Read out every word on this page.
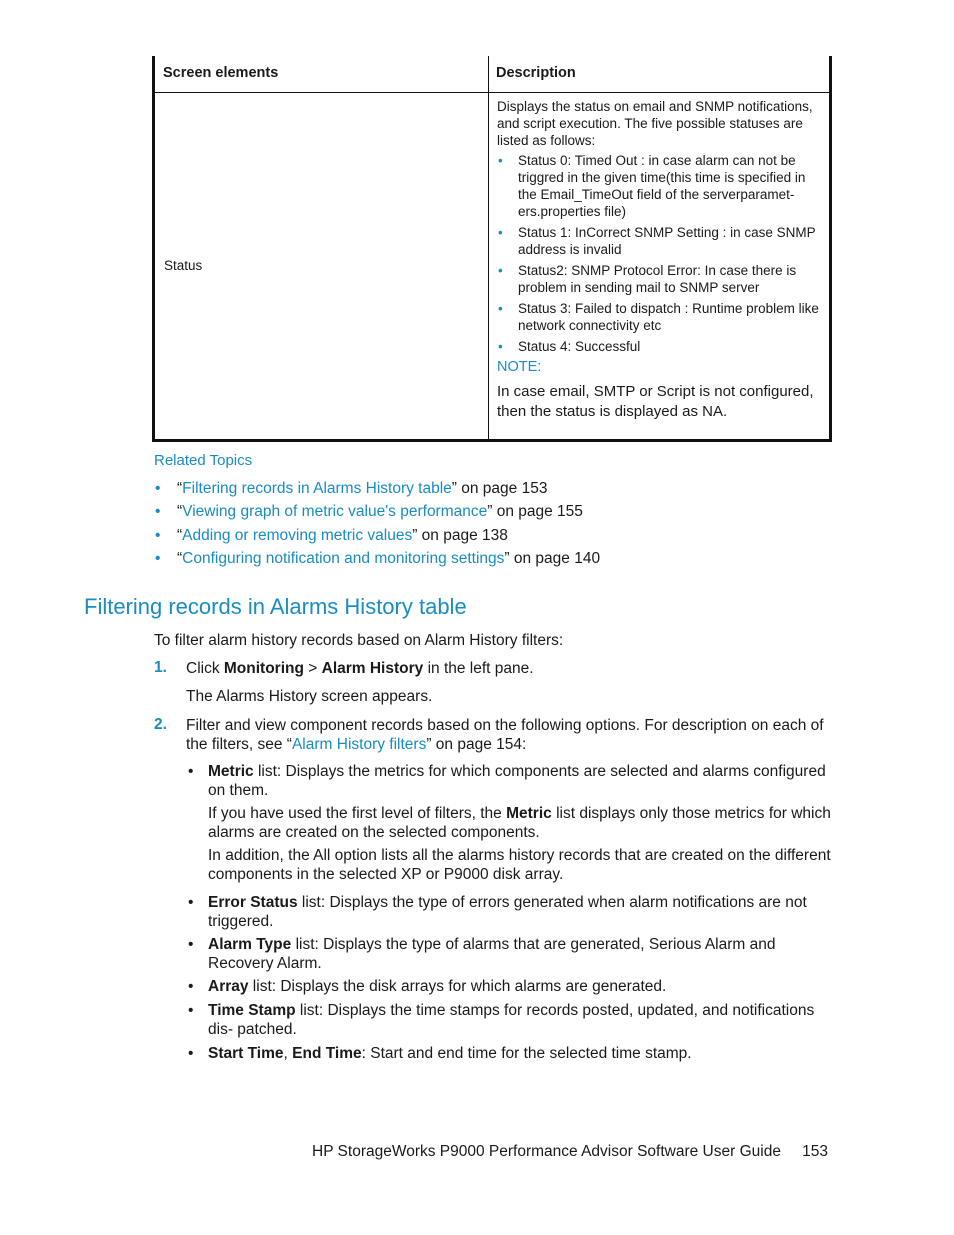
Screen elements	Description
Status

Displays the status on email and SNMP notifications, and script execution. The five possible statuses are listed as follows:

• Status 0: Timed Out : in case alarm can not be triggred in the given time(this time is specified in the Email_TimeOut field of the serverparamet- ers.properties file)
• Status 1: InCorrect SNMP Setting : in case SNMP address is invalid
• Status2: SNMP Protocol Error: In case there is problem in sending mail to SNMP server
• Status 3: Failed to dispatch : Runtime problem like network connectivity etc
• Status 4: Successful
NOTE:
In case email, SMTP or Script is not configured, then the status is displayed as NA.
Related Topics
• “Filtering records in Alarms History table” on page 153
• “Viewing graph of metric value's performance” on page 155
• “Adding or removing metric values” on page 138
• “Configuring notification and monitoring settings” on page 140
Filtering records in Alarms History table
To filter alarm history records based on Alarm History filters:
1. Click Monitoring > Alarm History in the left pane.
The Alarms History screen appears.
2. Filter and view component records based on the following options. For description on each of
the filters, see “Alarm History filters” on page 154:
• Metric list: Displays the metrics for which components are selected and alarms configured on them.

If you have used the first level of filters, the Metric list displays only those metrics for which alarms are created on the selected components.

In addition, the All option lists all the alarms history records that are created on the different components in the selected XP or P9000 disk array.

• Error Status list: Displays the type of errors generated when alarm notifications are not triggered.

• Alarm Type list: Displays the type of alarms that are generated, Serious Alarm and Recovery Alarm.

• Array list: Displays the disk arrays for which alarms are generated.

• Time Stamp list: Displays the time stamps for records posted, updated, and notifications dis- patched.

• Start Time, End Time: Start and end time for the selected time stamp.

HP StorageWorks P9000 Performance Advisor Software User Guide 153
